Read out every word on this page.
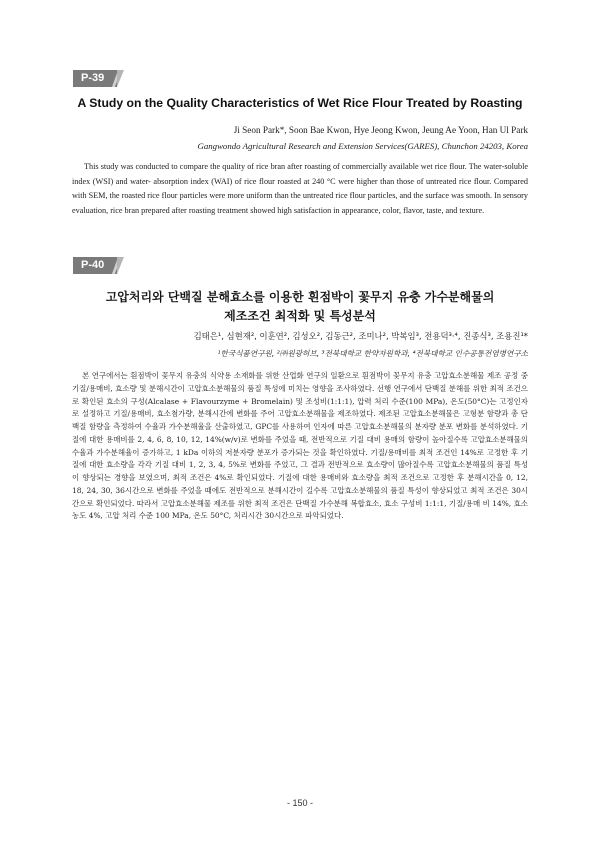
P-39
A Study on the Quality Characteristics of Wet Rice Flour Treated by Roasting
Ji Seon Park*, Soon Bae Kwon, Hye Jeong Kwon, Jeung Ae Yoon, Han Ul Park
Gangwondo Agricultural Research and Extension Services(GARES), Chunchon 24203, Korea

This study was conducted to compare the quality of rice bran after roasting of commercially available wet rice flour. The water-soluble index (WSI) and water- absorption index (WAI) of rice flour roasted at 240 °C were higher than those of untreated rice flour. Compared with SEM, the roasted rice flour particles were more uniform than the untreated rice flour particles, and the surface was smooth. In sensory evaluation, rice bran prepared after roasting treatment showed high satisfaction in appearance, color, flavor, taste, and texture.

P-40
고압처리와 단백질 분해효소를 이용한 흰점박이 꽃무지 유충 가수분해물의
제조조건 최적화 및 특성분석
김태은¹, 심현재², 이훈연², 김성오², 김동근², 조미나², 박복임³, 전용덕³·⁴, 진종식³, 조용진¹*
¹한국식품연구원, ²㈜원광허브, ³전북대학교 한약자원학과, ⁴전북대학교 인수공통전염병연구소

본 연구에서는 흰점박이 꽃무지 유충의 식약용 소재화를 위한 산업화 연구의 일환으로 흰점박이 꽃무지 유충 고압효소분해물 제조 공정 중 기질/용매비, 효소량 및 분해시간이 고압효소분해물의 품질 특성에 미치는 영향을 조사하였다. 선행 연구에서 단백질 분해를 위한 최적 조건으로 확인된 효소의 구성(Alcalase + Flavourzyme + Bromelain) 및 조성비(1:1:1), 압력 처리 수준(100 MPa), 온도(50°C)는 고정인자로 설정하고 기질/용매비, 효소첨가량, 분해시간에 변화를 주어 고압효소분해물을 제조하였다. 제조된 고압효소분해물은 고형분 함량과 총 단백질 함량을 측정하여 수율과 가수분해율을 산출하였고, GPC를 사용하여 인자에 따른 고압효소분해물의 분자량 분포 변화를 분석하였다. 기질에 대한 용매비를 2, 4, 6, 8, 10, 12, 14%(w/v)로 변화를 주었을 때, 전반적으로 기질 대비 용매의 함량이 높아질수록 고압효소분해물의 수율과 가수분해율이 증가하고, 1 kDa 이하의 저분자량 분포가 증가되는 것을 확인하였다. 기질/용매비를 최적 조건인 14%로 고정한 후 기질에 대한 효소량을 각각 기질 대비 1, 2, 3, 4, 5%로 변화를 주었고, 그 결과 전반적으로 효소량이 많아질수록 고압효소분해물의 품질 특성이 향상되는 경향을 보였으며, 최적 조건은 4%로 확인되었다. 기질에 대한 용매비와 효소량을 최적 조건으로 고정한 후 분해시간을 0, 12, 18, 24, 30, 36시간으로 변화를 주었을 때에도 전반적으로 분해시간이 길수록 고압효소분해물의 품질 특성이 향상되었고 최적 조건은 30시간으로 확인되었다. 따라서 고압효소분해물 제조를 위한 최적 조건은 단백질 가수분해 복합효소, 효소 구성비 1:1:1, 기질/용매 비 14%, 효소농도 4%, 고압 처리 수준 100 MPa, 온도 50°C, 처리시간 30시간으로 파악되었다.

- 150 -
